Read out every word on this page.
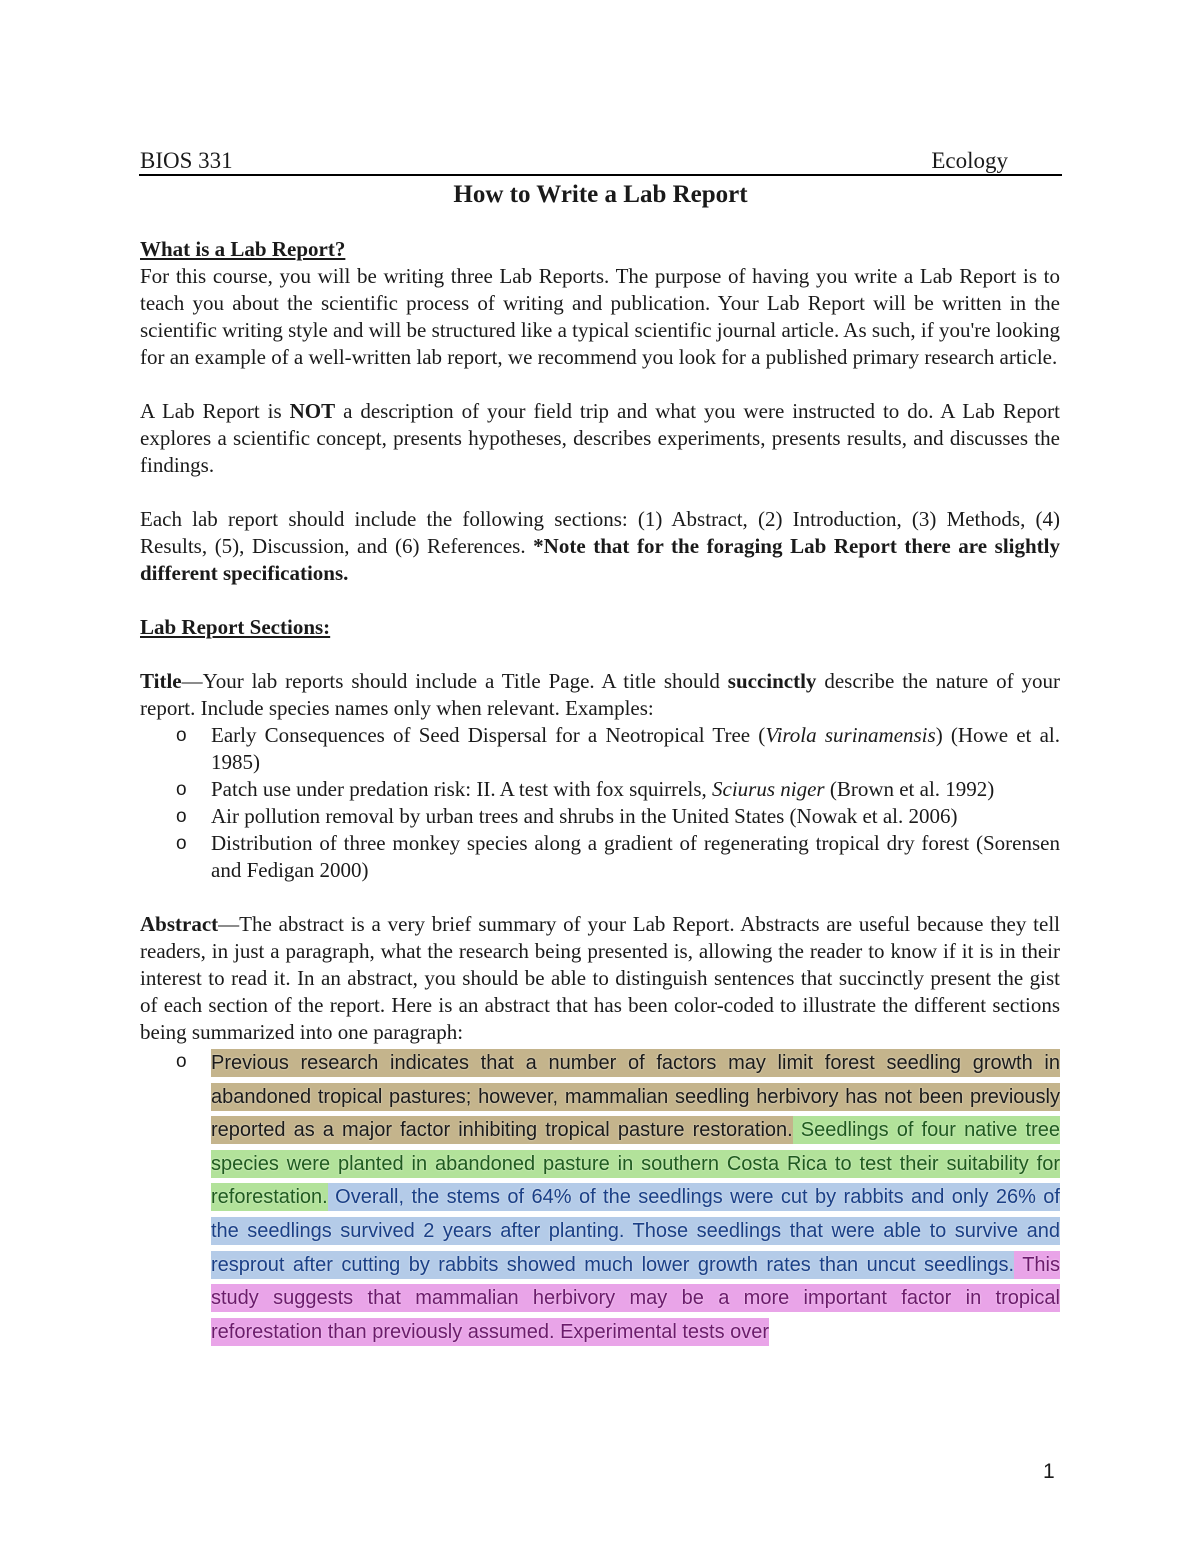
BIOS 331	Ecology
How to Write a Lab Report

What is a Lab Report?

For this course, you will be writing three Lab Reports. The purpose of having you write a Lab Report is to teach you about the scientific process of writing and publication. Your Lab Report will be written in the scientific writing style and will be structured like a typical scientific journal article. As such, if you're looking for an example of a well-written lab report, we recommend you look for a published primary research article.

A Lab Report is NOT a description of your field trip and what you were instructed to do. A Lab Report explores a scientific concept, presents hypotheses, describes experiments, presents results, and discusses the findings.

Each lab report should include the following sections: (1) Abstract, (2) Introduction, (3) Methods, (4) Results, (5), Discussion, and (6) References. *Note that for the foraging Lab Report there are slightly different specifications.

Lab Report Sections:

Title—Your lab reports should include a Title Page. A title should succinctly describe the nature of your report. Include species names only when relevant. Examples:

o Early Consequences of Seed Dispersal for a Neotropical Tree (Virola surinamensis) (Howe et al. 1985)
o Patch use under predation risk: II. A test with fox squirrels, Sciurus niger (Brown et al. 1992)
o Air pollution removal by urban trees and shrubs in the United States (Nowak et al. 2006)
o Distribution of three monkey species along a gradient of regenerating tropical dry forest (Sorensen and Fedigan 2000)

Abstract—The abstract is a very brief summary of your Lab Report. Abstracts are useful because they tell readers, in just a paragraph, what the research being presented is, allowing the reader to know if it is in their interest to read it. In an abstract, you should be able to distinguish sentences that succinctly present the gist of each section of the report. Here is an abstract that has been color-coded to illustrate the different sections being summarized into one paragraph:

o Previous research indicates that a number of factors may limit forest seedling growth in abandoned tropical pastures; however, mammalian seedling herbivory has not been previously reported as a major factor inhibiting tropical pasture restoration. Seedlings of four native tree species were planted in abandoned pasture in southern Costa Rica to test their suitability for reforestation. Overall, the stems of 64% of the seedlings were cut by rabbits and only 26% of the seedlings survived 2 years after planting. Those seedlings that were able to survive and resprout after cutting by rabbits showed much lower growth rates than uncut seedlings. This study suggests that mammalian herbivory may be a more important factor in tropical reforestation than previously assumed. Experimental tests over
1
